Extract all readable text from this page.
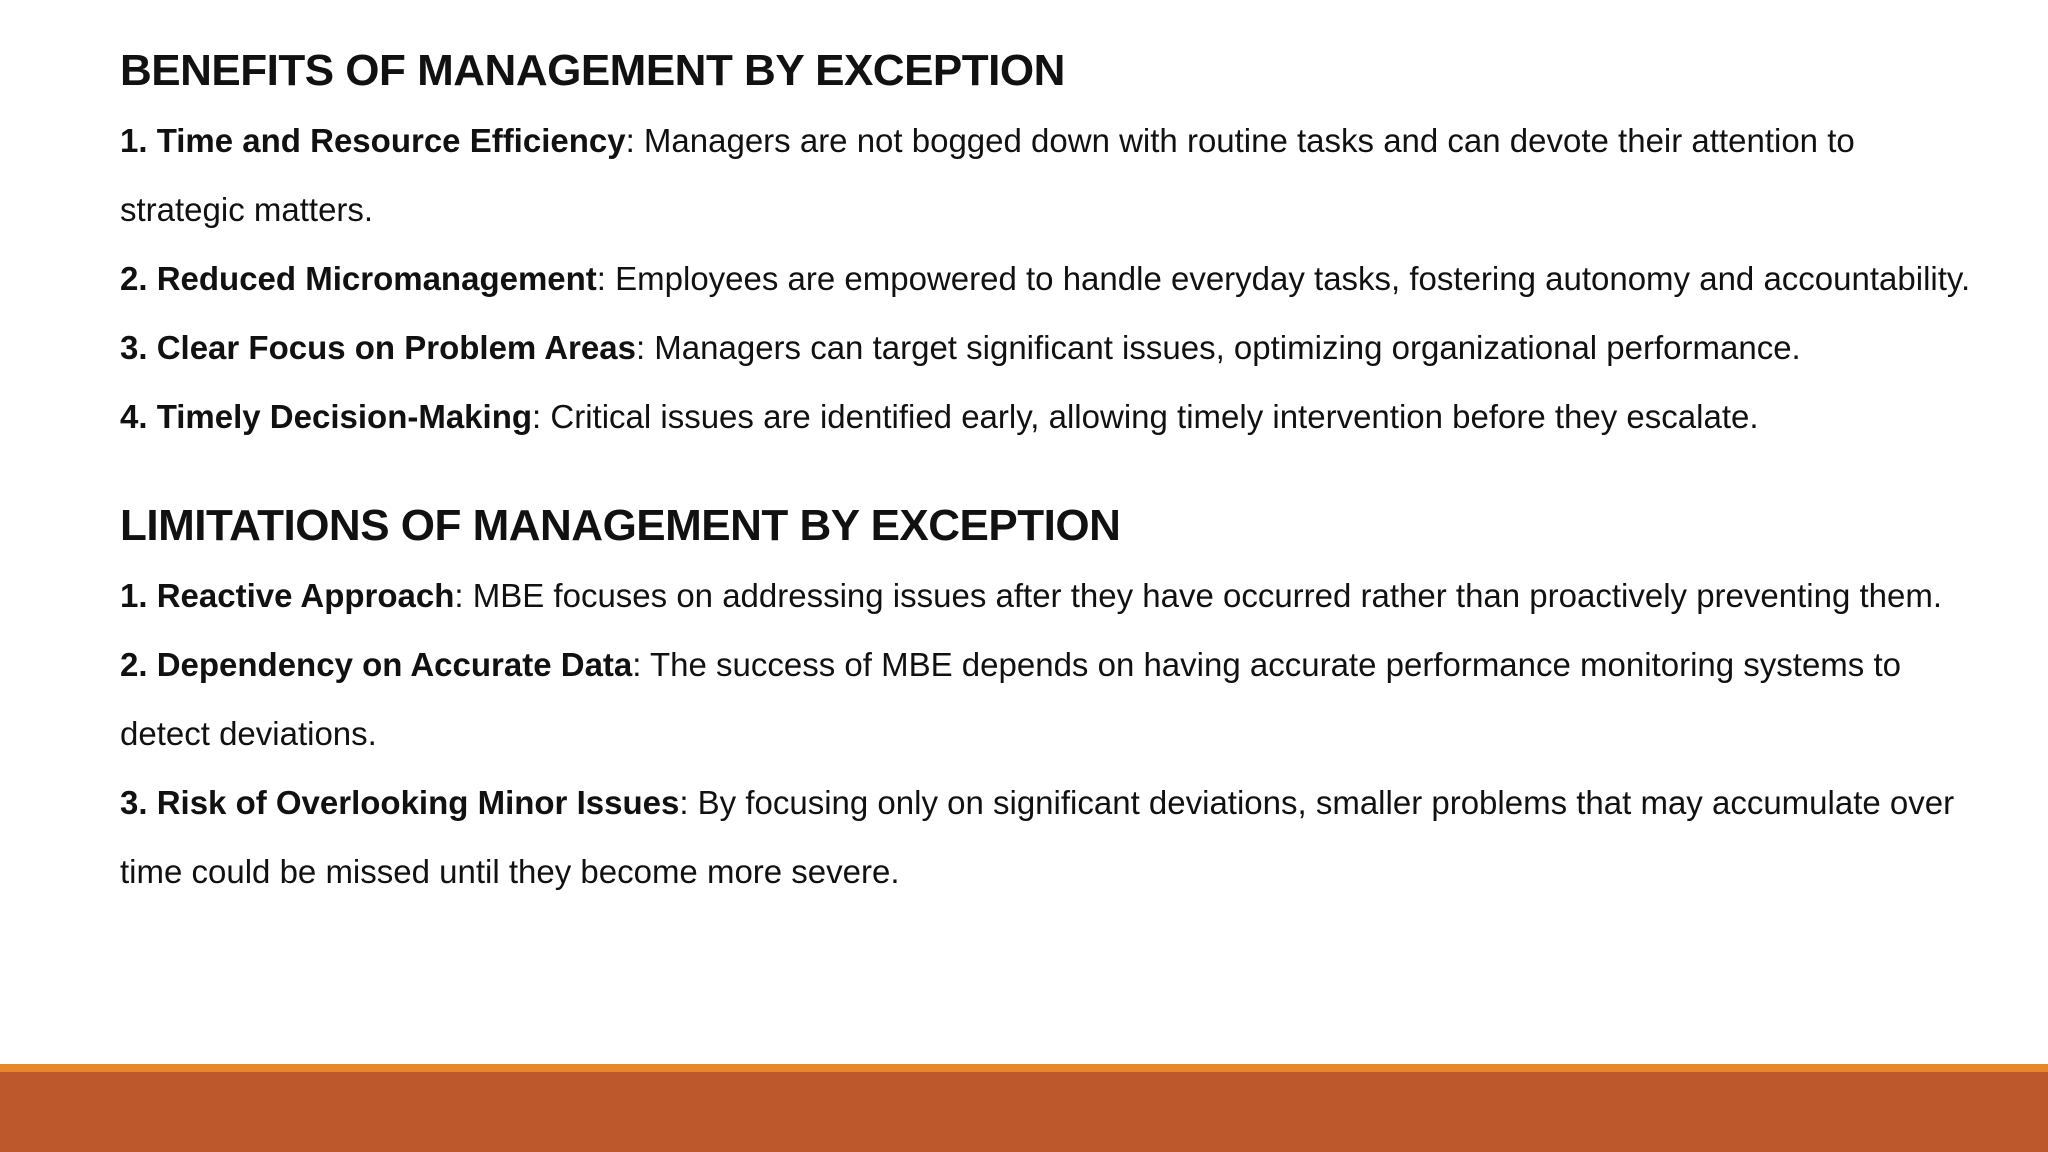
BENEFITS OF MANAGEMENT BY EXCEPTION

1. Time and Resource Efficiency: Managers are not bogged down with routine tasks and can devote their attention to strategic matters.

2. Reduced Micromanagement: Employees are empowered to handle everyday tasks, fostering autonomy and accountability.

3. Clear Focus on Problem Areas: Managers can target significant issues, optimizing organizational performance.

4. Timely Decision-Making: Critical issues are identified early, allowing timely intervention before they escalate.

LIMITATIONS OF MANAGEMENT BY EXCEPTION

1. Reactive Approach: MBE focuses on addressing issues after they have occurred rather than proactively preventing them.

2. Dependency on Accurate Data: The success of MBE depends on having accurate performance monitoring systems to detect deviations.

3. Risk of Overlooking Minor Issues: By focusing only on significant deviations, smaller problems that may accumulate over time could be missed until they become more severe.
